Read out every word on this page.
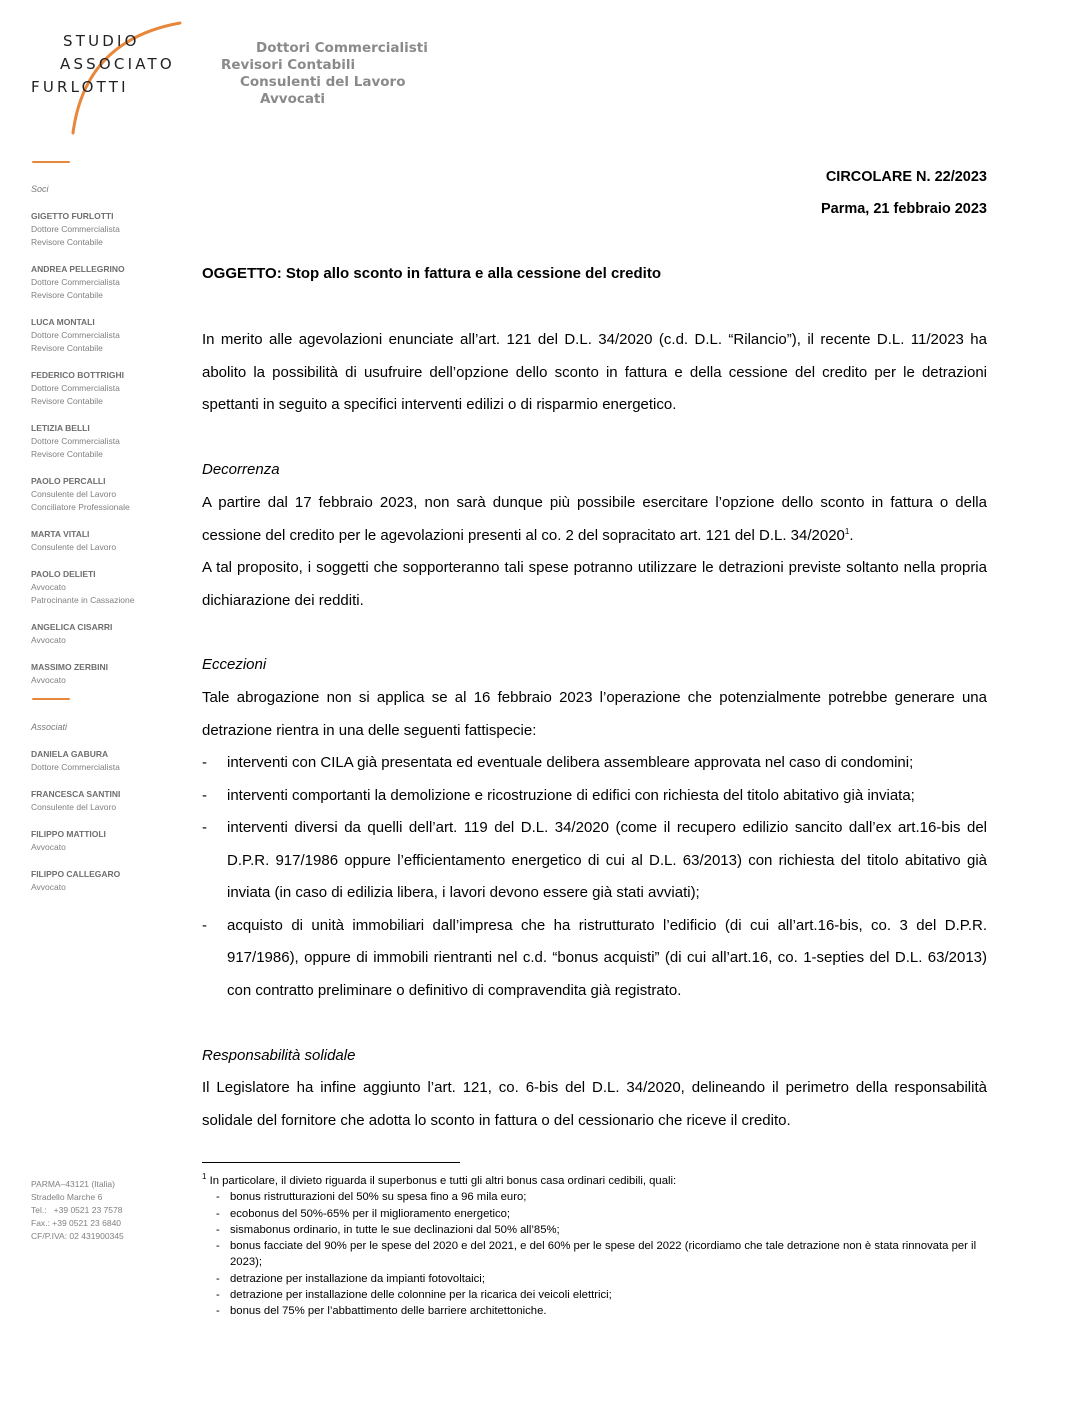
STUDIO
ASSOCIATO
FURLOTTI
Dottori Commercialisti
Revisori Contabili
Consulenti del Lavoro
Avvocati
Soci
GIGETTO FURLOTTI
Dottore Commercialista
Revisore Contabile
ANDREA PELLEGRINO
Dottore Commercialista
Revisore Contabile
LUCA MONTALI
Dottore Commercialista
Revisore Contabile
FEDERICO BOTTRIGHI
Dottore Commercialista
Revisore Contabile
LETIZIA BELLI
Dottore Commercialista
Revisore Contabile
PAOLO PERCALLI
Consulente del Lavoro
Conciliatore Professionale
MARTA VITALI
Consulente del Lavoro
PAOLO DELIETI
Avvocato
Patrocinante in Cassazione
ANGELICA CISARRI
Avvocato
MASSIMO ZERBINI
Avvocato
Associati
DANIELA GABURA
Dottore Commercialista
FRANCESCA SANTINI
Consulente del Lavoro
FILIPPO MATTIOLI
Avvocato
FILIPPO CALLEGARO
Avvocato
PARMA–43121 (Italia)
Stradello Marche 6
Tel.:   +39 0521 23 7578
Fax.: +39 0521 23 6840
CF/P.IVA: 02 431900345
CIRCOLARE N. 22/2023
Parma, 21 febbraio 2023
OGGETTO: Stop allo sconto in fattura e alla cessione del credito
In merito alle agevolazioni enunciate all’art. 121 del D.L. 34/2020 (c.d. D.L. “Rilancio”), il recente D.L. 11/2023 ha abolito la possibilità di usufruire dell’opzione dello sconto in fattura e della cessione del credito per le detrazioni spettanti in seguito a specifici interventi edilizi o di risparmio energetico.
Decorrenza
A partire dal 17 febbraio 2023, non sarà dunque più possibile esercitare l’opzione dello sconto in fattura o della cessione del credito per le agevolazioni presenti al co. 2 del sopracitato art. 121 del D.L. 34/2020$^1$.
A tal proposito, i soggetti che sopporteranno tali spese potranno utilizzare le detrazioni previste soltanto nella propria dichiarazione dei redditi.
Eccezioni
Tale abrogazione non si applica se al 16 febbraio 2023 l’operazione che potenzialmente potrebbe generare una detrazione rientra in una delle seguenti fattispecie:
- interventi con CILA già presentata ed eventuale delibera assembleare approvata nel caso di condomini;
- interventi comportanti la demolizione e ricostruzione di edifici con richiesta del titolo abitativo già inviata;
- interventi diversi da quelli dell’art. 119 del D.L. 34/2020 (come il recupero edilizio sancito dall’ex art.16-bis del D.P.R. 917/1986 oppure l’efficientamento energetico di cui al D.L. 63/2013) con richiesta del titolo abitativo già inviata (in caso di edilizia libera, i lavori devono essere già stati avviati);
- acquisto di unità immobiliari dall’impresa che ha ristrutturato l’edificio (di cui all’art.16-bis, co. 3 del D.P.R. 917/1986), oppure di immobili rientranti nel c.d. “bonus acquisti” (di cui all’art.16, co. 1-septies del D.L. 63/2013) con contratto preliminare o definitivo di compravendita già registrato.
Responsabilità solidale
Il Legislatore ha infine aggiunto l’art. 121, co. 6-bis del D.L. 34/2020, delineando il perimetro della responsabilità solidale del fornitore che adotta lo sconto in fattura o del cessionario che riceve il credito.
$^1$ In particolare, il divieto riguarda il superbonus e tutti gli altri bonus casa ordinari cedibili, quali:
- bonus ristrutturazioni del 50% su spesa fino a 96 mila euro;
- ecobonus del 50%-65% per il miglioramento energetico;
- sismabonus ordinario, in tutte le sue declinazioni dal 50% all’85%;
- bonus facciate del 90% per le spese del 2020 e del 2021, e del 60% per le spese del 2022 (ricordiamo che tale detrazione non è stata rinnovata per il 2023);
- detrazione per installazione da impianti fotovoltaici;
- detrazione per installazione delle colonnine per la ricarica dei veicoli elettrici;
- bonus del 75% per l’abbattimento delle barriere architettoniche.
